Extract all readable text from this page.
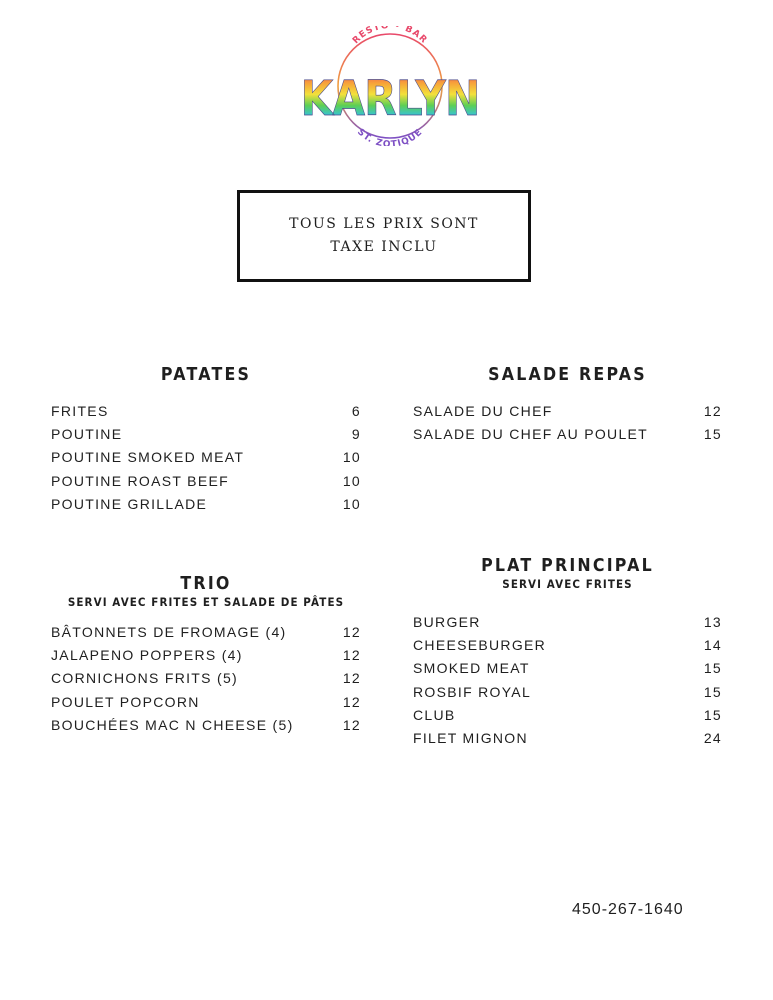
RESTO • BAR
KARLYN
ST. ZOTIQUE
TOUS LES PRIX SONT
TAXE INCLU
PATATES
FRITES	6
POUTINE	9
POUTINE SMOKED MEAT	10
POUTINE ROAST BEEF	10
POUTINE GRILLADE	10
SALADE REPAS
SALADE DU CHEF	12
SALADE DU CHEF AU POULET	15
TRIO
SERVI AVEC FRITES ET SALADE DE PÂTES
BÂTONNETS DE FROMAGE (4)	12
JALAPENO POPPERS (4)	12
CORNICHONS FRITS (5)	12
POULET POPCORN	12
BOUCHÉES MAC N CHEESE (5)	12
PLAT PRINCIPAL
SERVI AVEC FRITES
BURGER	13
CHEESEBURGER	14
SMOKED MEAT	15
ROSBIF ROYAL	15
CLUB	15
FILET MIGNON	24
450-267-1640
